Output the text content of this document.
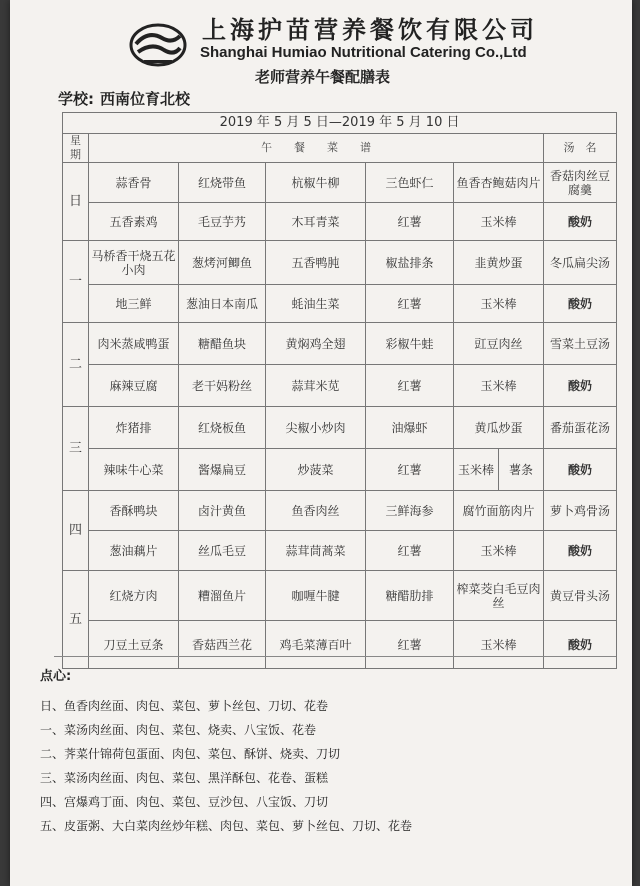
上海护苗营养餐饮有限公司
Shanghai Humiao Nutritional Catering Co.,Ltd
老师营养午餐配膳表
学校: 西南位育北校
2019 年 5 月 5 日—2019 年 5 月 10 日							
星期	午　　餐　　菜　　谱						汤　名
日	蒜香骨	红烧带鱼	杭椒牛柳	三色虾仁	鱼香杏鲍菇肉片		香菇肉丝豆腐羹
	五香素鸡	毛豆芋艿	木耳青菜	红薯	玉米棒		酸奶
一	马桥香干烧五花小肉	葱烤河鲫鱼	五香鸭肫	椒盐排条	韭黄炒蛋		冬瓜扁尖汤
	地三鲜	葱油日本南瓜	蚝油生菜	红薯	玉米棒		酸奶
二	肉米蒸咸鸭蛋	糖醋鱼块	黄焖鸡全翅	彩椒牛蛙	豇豆肉丝		雪菜土豆汤
	麻辣豆腐	老干妈粉丝	蒜茸米苋	红薯	玉米棒		酸奶
三	炸猪排	红烧板鱼	尖椒小炒肉	油爆虾	黄瓜炒蛋		番茄蛋花汤
	辣味牛心菜	酱爆扁豆	炒菠菜	红薯	玉米棒	薯条	酸奶
四	香酥鸭块	卤汁黄鱼	鱼香肉丝	三鲜海参	腐竹面筋肉片		萝卜鸡骨汤
	葱油藕片	丝瓜毛豆	蒜茸茼蒿菜	红薯	玉米棒		酸奶
五	红烧方肉	糟溜鱼片	咖喱牛腱	糖醋肋排	榨菜茭白毛豆肉丝		黄豆骨头汤
	刀豆土豆条	香菇西兰花	鸡毛菜薄百叶	红薯	玉米棒		酸奶
点心:
日、鱼香肉丝面、肉包、菜包、萝卜丝包、刀切、花卷
一、菜汤肉丝面、肉包、菜包、烧卖、八宝饭、花卷
二、荠菜什锦荷包蛋面、肉包、菜包、酥饼、烧卖、刀切
三、菜汤肉丝面、肉包、菜包、黑洋酥包、花卷、蛋糕
四、宫爆鸡丁面、肉包、菜包、豆沙包、八宝饭、刀切
五、皮蛋粥、大白菜肉丝炒年糕、肉包、菜包、萝卜丝包、刀切、花卷
